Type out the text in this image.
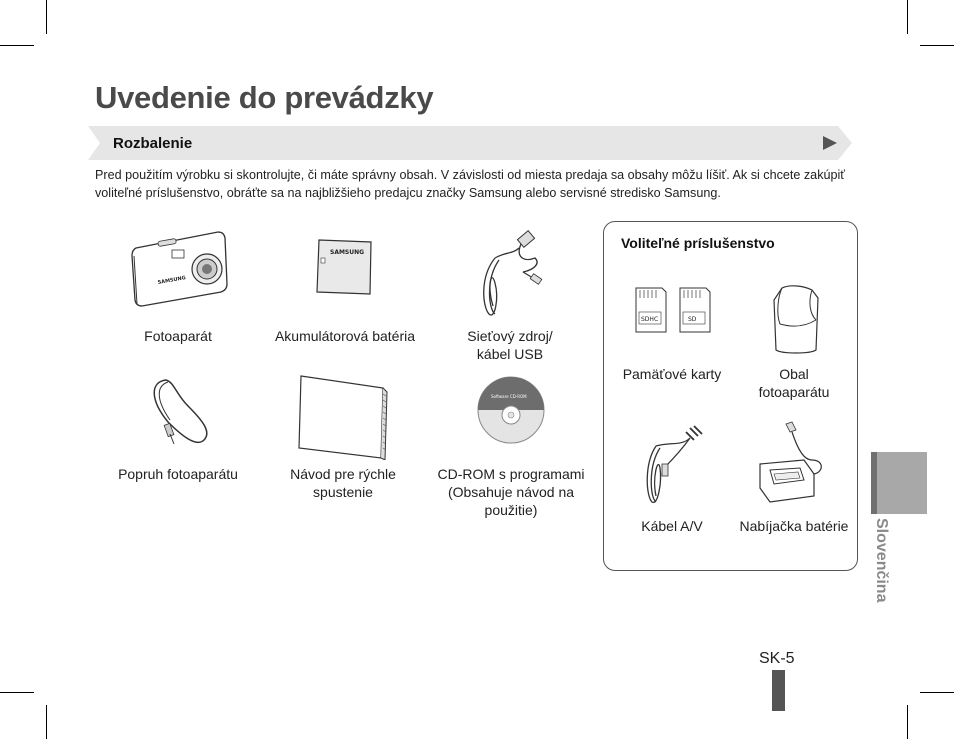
Uvedenie do prevádzky
Rozbalenie
Pred použitím výrobku si skontrolujte, či máte správny obsah. V závislosti od miesta predaja sa obsahy môžu líšiť. Ak si chcete zakúpiť voliteľné príslušenstvo, obráťte sa na najbližšieho predajcu značky Samsung alebo servisné stredisko Samsung.
SAMSUNG
Fotoaparát
SAMSUNG
Akumulátorová batéria	Sieťový zdroj/
kábel USB
Popruh fotoaparátu	Návod pre rýchle
spustenie
Software CD-ROM
CD-ROM s programami
(Obsahuje návod na
použitie)
Voliteľné príslušenstvo
SDHC	SD
Pamäťové karty	Obal
fotoaparátu
Kábel A/V	Nabíjačka batérie	Slovenčina
SK-5
